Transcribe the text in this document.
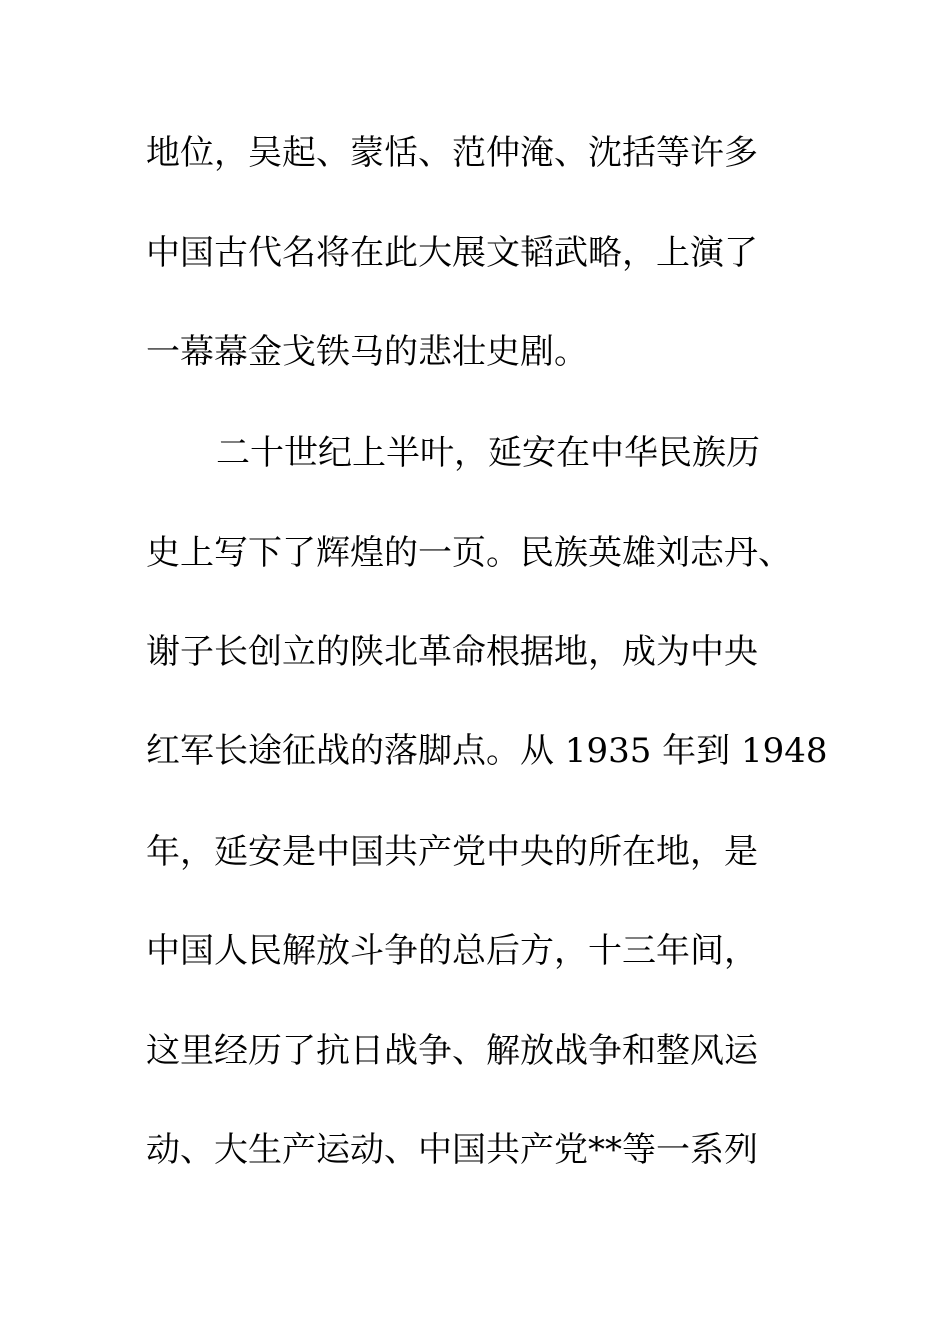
地位，吴起、蒙恬、范仲淹、沈括等许多
中国古代名将在此大展文韬武略，上演了
一幕幕金戈铁马的悲壮史剧。
二十世纪上半叶，延安在中华民族历
史上写下了辉煌的一页。民族英雄刘志丹、
谢子长创立的陕北革命根据地，成为中央
红军长途征战的落脚点。从 1935 年到 1948
年，延安是中国共产党中央的所在地，是
中国人民解放斗争的总后方，十三年间，
这里经历了抗日战争、解放战争和整风运
动、大生产运动、中国共产党**等一系列
